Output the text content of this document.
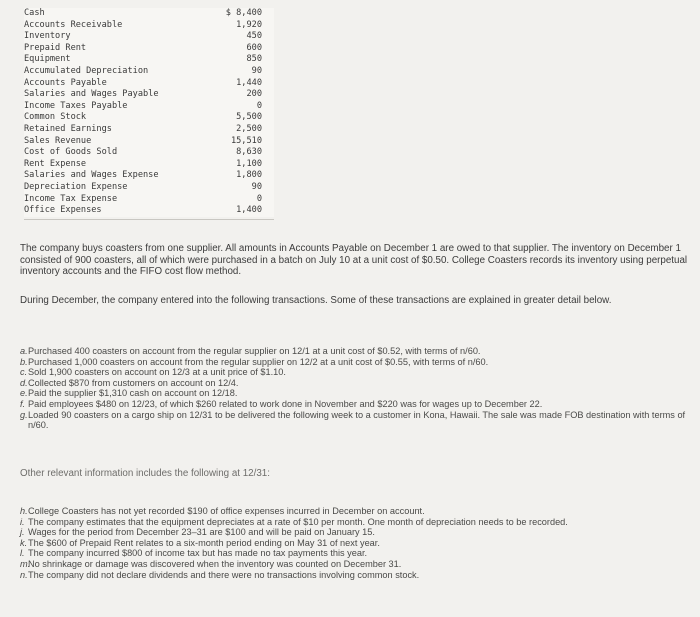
Cash	$ 8,400
Accounts Receivable	1,920
Inventory	450
Prepaid Rent	600
Equipment	850
Accumulated Depreciation	90
Accounts Payable	1,440
Salaries and Wages Payable	200
Income Taxes Payable	0
Common Stock	5,500
Retained Earnings	2,500
Sales Revenue	15,510
Cost of Goods Sold	8,630
Rent Expense	1,100
Salaries and Wages Expense	1,800
Depreciation Expense	90
Income Tax Expense	0
Office Expenses	1,400

The company buys coasters from one supplier. All amounts in Accounts Payable on December 1 are owed to that supplier. The inventory on December 1 consisted of 900 coasters, all of which were purchased in a batch on July 10 at a unit cost of $0.50. College Coasters records its inventory using perpetual inventory accounts and the FIFO cost flow method.

During December, the company entered into the following transactions. Some of these transactions are explained in greater detail below.

a. Purchased 400 coasters on account from the regular supplier on 12/1 at a unit cost of $0.52, with terms of n/60.
b. Purchased 1,000 coasters on account from the regular supplier on 12/2 at a unit cost of $0.55, with terms of n/60.
c. Sold 1,900 coasters on account on 12/3 at a unit price of $1.10.
d. Collected $870 from customers on account on 12/4.
e. Paid the supplier $1,310 cash on account on 12/18.
f. Paid employees $480 on 12/23, of which $260 related to work done in November and $220 was for wages up to December 22.
g. Loaded 90 coasters on a cargo ship on 12/31 to be delivered the following week to a customer in Kona, Hawaii. The sale was made FOB destination with terms of n/60.

Other relevant information includes the following at 12/31:

h. College Coasters has not yet recorded $190 of office expenses incurred in December on account.
i. The company estimates that the equipment depreciates at a rate of $10 per month. One month of depreciation needs to be recorded.
j. Wages for the period from December 23–31 are $100 and will be paid on January 15.
k. The $600 of Prepaid Rent relates to a six-month period ending on May 31 of next year.
l. The company incurred $800 of income tax but has made no tax payments this year.
m.
No shrinkage or damage was discovered when the inventory was counted on December 31.
n. The company did not declare dividends and there were no transactions involving common stock.
